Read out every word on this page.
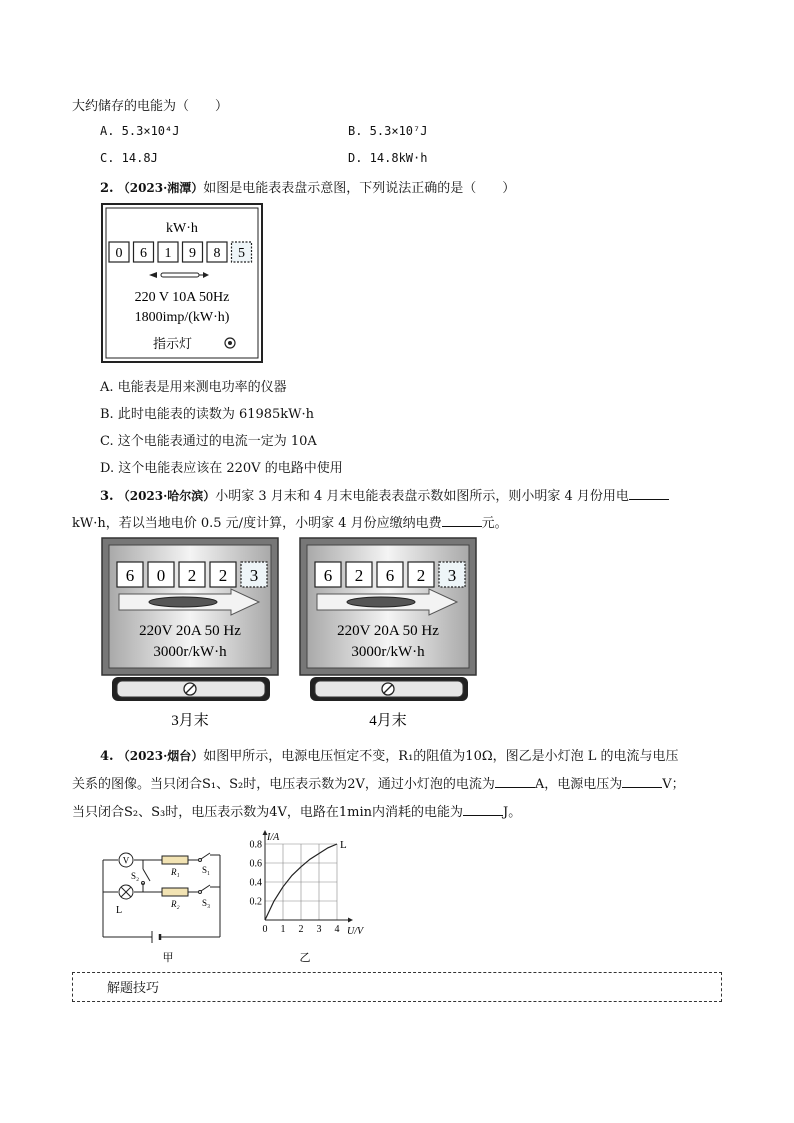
大约储存的电能为（　　）
A. 5.3×10⁴J	B. 5.3×10⁷J
C. 14.8J	D. 14.8kW·h
2. （2023·湘潭）如图是电能表表盘示意图，下列说法正确的是（　　）
kW·h
0 6 1 9 8 5
220 V 10A 50Hz
1800imp/(kW·h)
指示灯
A. 电能表是用来测电功率的仪器
B. 此时电能表的读数为 61985kW·h
C. 这个电能表通过的电流一定为 10A
D. 这个电能表应该在 220V 的电路中使用
3. （2023·哈尔滨）小明家 3 月末和 4 月末电能表表盘示数如图所示，则小明家 4 月份用电
kW·h，若以当地电价 0.5 元/度计算，小明家 4 月份应缴纳电费	元。
6 0 2 2 3
220V 20A 50 Hz
3000r/kW·h
3月末
6 2 6 2 3
220V 20A 50 Hz
3000r/kW·h
4月末
4. （2023·烟台）如图甲所示，电源电压恒定不变，R₁的阻值为10Ω，图乙是小灯泡 L 的电流与电压
关系的图像。当只闭合S₁、S₂时，电压表示数为2V，通过小灯泡的电流为	A，电源电压为	V；
当只闭合S₂、S₃时，电压表示数为4V，电路在1min内消耗的电能为	J。
V
R₁
R₂
S₁
S₂
S₃
L
甲
0 1 2 3 4
0.2
0.4
0.6
0.8	L
I/A
U/V
乙
解题技巧
